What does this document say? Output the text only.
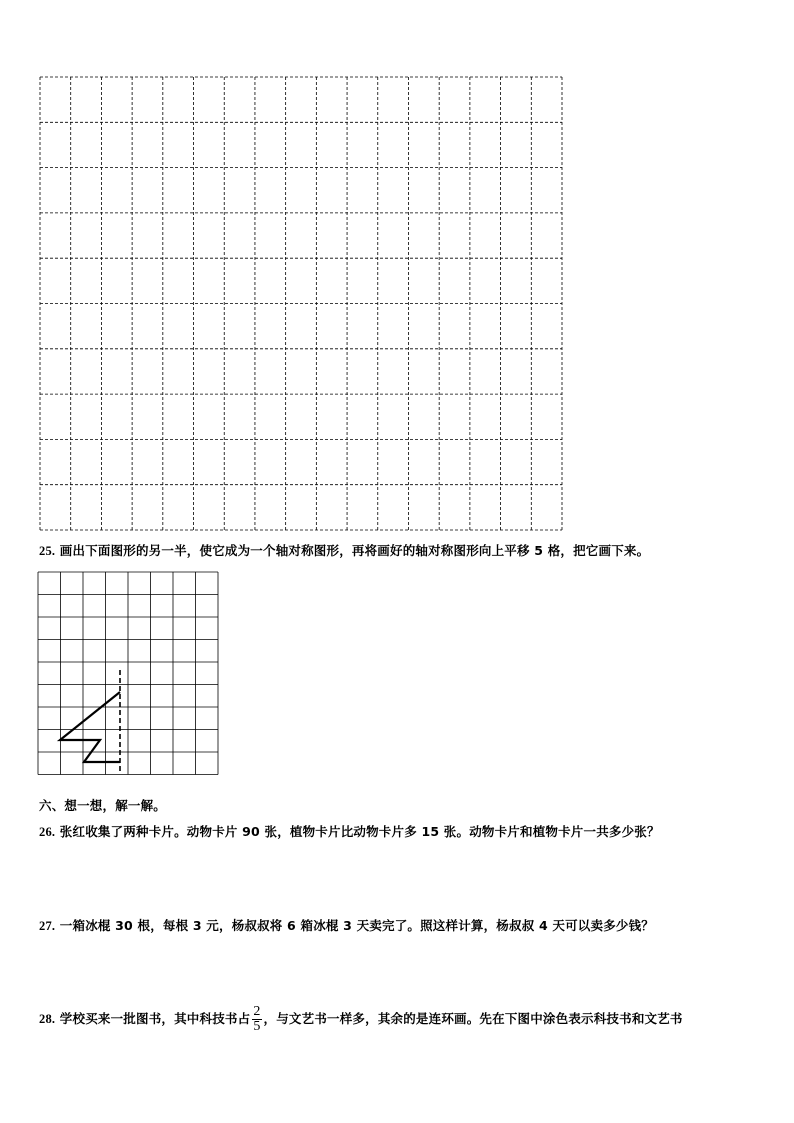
25. 画出下面图形的另一半，使它成为一个轴对称图形，再将画好的轴对称图形向上平移 5 格，把它画下来。
六、想一想，解一解。
26. 张红收集了两种卡片。动物卡片 90 张，植物卡片比动物卡片多 15 张。动物卡片和植物卡片一共多少张？
27. 一箱冰棍 30 根，每根 3 元，杨叔叔将 6 箱冰棍 3 天卖完了。照这样计算，杨叔叔 4 天可以卖多少钱？
28. 学校买来一批图书，其中科技书占 $\frac{2}{5}$ ，与文艺书一样多，其余的是连环画。先在下图中涂色表示科技书和文艺书
